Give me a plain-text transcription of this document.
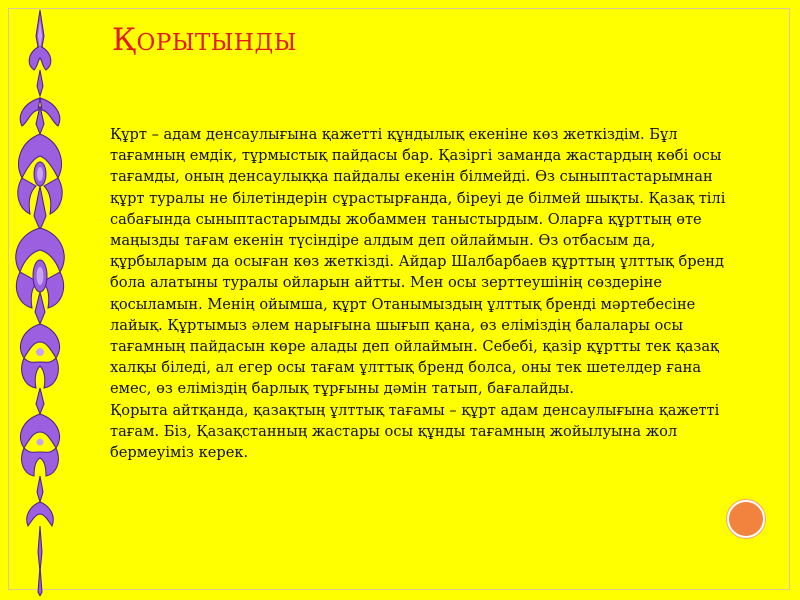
ҚОРЫТЫНДЫ

Құрт – адам денсаулығына қажетті құндылық екеніне көз жеткіздім. Бұл тағамның емдік, тұрмыстық пайдасы бар. Қазіргі заманда жастардың көбі осы тағамды, оның денсаулыққа пайдалы екенін білмейді. Өз сыныптастарымнан құрт туралы не білетіндерін сұрастырғанда, біреуі де білмей шықты. Қазақ тілі сабағында сыныптастарымды жобаммен таныстырдым. Оларға құрттың өте маңызды тағам екенін түсіндіре алдым деп ойлаймын. Өз отбасым да, құрбыларым да осыған көз жеткізді. Айдар Шалбарбаев құрттың ұлттық бренд бола алатыны туралы ойларын айтты. Мен осы зерттеушінің сөздеріне қосыламын. Менің ойымша, құрт Отанымыздың ұлттық брендi мәртебесіне лайық. Құртымыз әлем нарығына шығып қана, өз еліміздің балалары осы тағамның пайдасын көре алады деп ойлаймын. Себебі, қазір құртты тек қазақ халқы біледі, ал егер осы тағам ұлттық бренд болса, оны тек шетелдер ғана емес, өз еліміздің барлық тұрғыны дәмін татып, бағалайды.

Қорыта айтқанда, қазақтың ұлттық тағамы – құрт адам денсаулығына қажетті тағам. Біз, Қазақстанның жастары осы құнды тағамның жойылуына жол бермеуіміз керек.
